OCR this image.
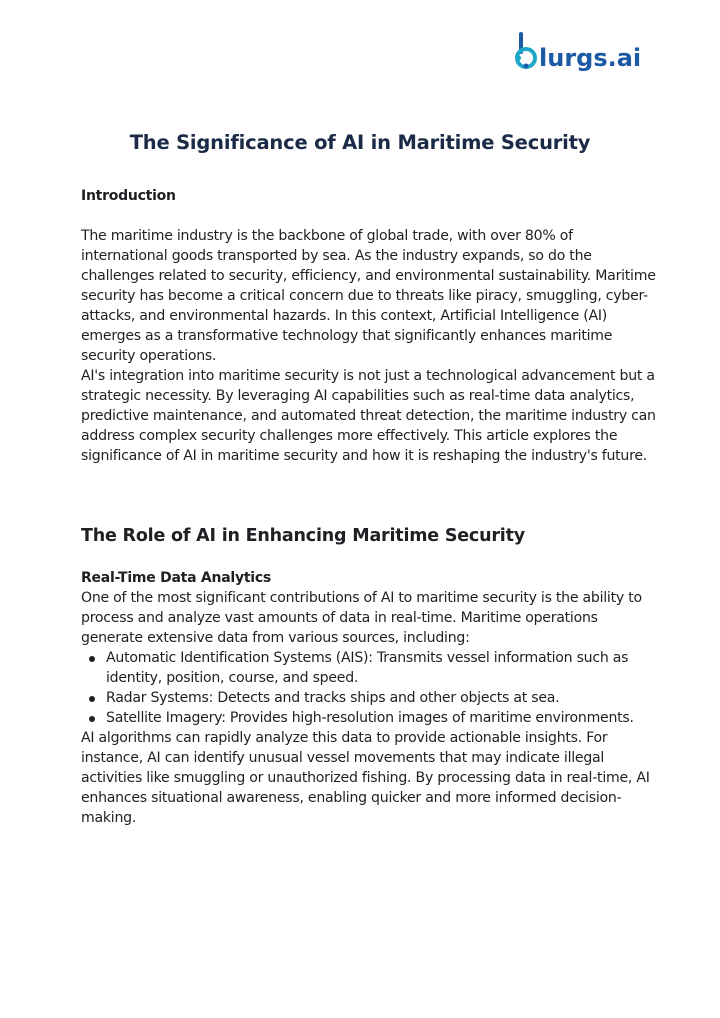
lurgs.ai
The Significance of AI in Maritime Security
Introduction

The maritime industry is the backbone of global trade, with over 80% of international goods transported by sea. As the industry expands, so do the challenges related to security, efficiency, and environmental sustainability. Maritime security has become a critical concern due to threats like piracy, smuggling, cyber-attacks, and environmental hazards. In this context, Artificial Intelligence (AI) emerges as a transformative technology that significantly enhances maritime security operations.

AI's integration into maritime security is not just a technological advancement but a strategic necessity. By leveraging AI capabilities such as real-time data analytics, predictive maintenance, and automated threat detection, the maritime industry can address complex security challenges more effectively. This article explores the significance of AI in maritime security and how it is reshaping the industry's future.

The Role of AI in Enhancing Maritime Security

Real-Time Data Analytics

One of the most significant contributions of AI to maritime security is the ability to process and analyze vast amounts of data in real-time. Maritime operations generate extensive data from various sources, including:

Automatic Identification Systems (AIS): Transmits vessel information such as identity, position, course, and speed.
Radar Systems: Detects and tracks ships and other objects at sea.
Satellite Imagery: Provides high-resolution images of maritime environments.

AI algorithms can rapidly analyze this data to provide actionable insights. For instance, AI can identify unusual vessel movements that may indicate illegal activities like smuggling or unauthorized fishing. By processing data in real-time, AI enhances situational awareness, enabling quicker and more informed decision-making.
